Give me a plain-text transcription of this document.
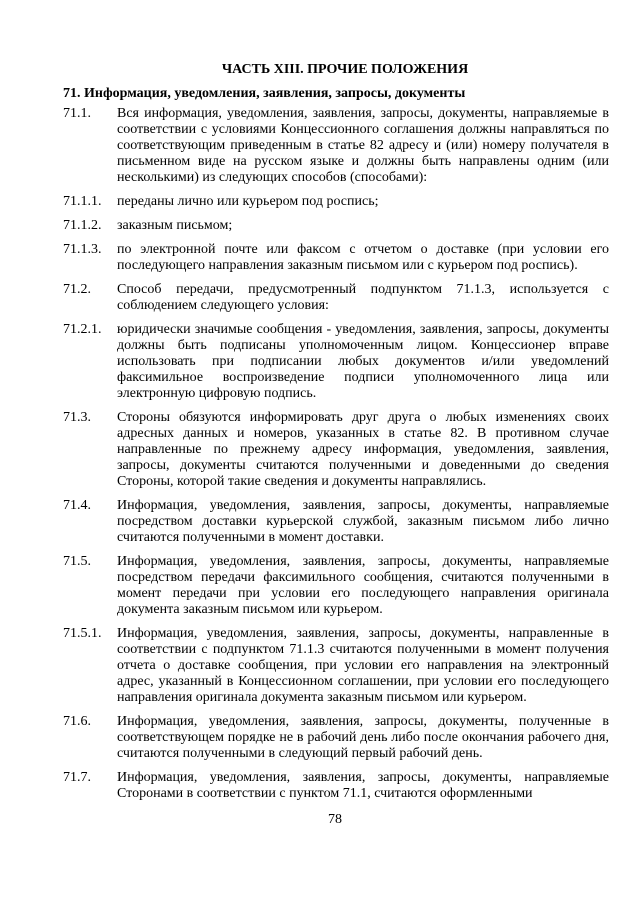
ЧАСТЬ XIII. ПРОЧИЕ ПОЛОЖЕНИЯ
71. Информация, уведомления, заявления, запросы, документы
71.1.	Вся информация, уведомления, заявления, запросы, документы, направляемые в соответствии с условиями Концессионного соглашения должны направляться по соответствующим приведенным в статье 82 адресу и (или) номеру получателя в письменном виде на русском языке и должны быть направлены одним (или несколькими) из следующих способов (способами):
71.1.1.	переданы лично или курьером под роспись;
71.1.2.	заказным письмом;
71.1.3.	по электронной почте или факсом с отчетом о доставке (при условии его последующего направления заказным письмом или с курьером под роспись).
71.2.	Способ передачи, предусмотренный подпунктом 71.1.3, используется с соблюдением следующего условия:
71.2.1.	юридически значимые сообщения - уведомления, заявления, запросы, документы должны быть подписаны уполномоченным лицом. Концессионер вправе использовать при подписании любых документов и/или уведомлений факсимильное воспроизведение подписи уполномоченного лица или электронную цифровую подпись.
71.3.	Стороны обязуются информировать друг друга о любых изменениях своих адресных данных и номеров, указанных в статье 82. В противном случае направленные по прежнему адресу информация, уведомления, заявления, запросы, документы считаются полученными и доведенными до сведения Стороны, которой такие сведения и документы направлялись.
71.4.	Информация, уведомления, заявления, запросы, документы, направляемые посредством доставки курьерской службой, заказным письмом либо лично считаются полученными в момент доставки.
71.5.	Информация, уведомления, заявления, запросы, документы, направляемые посредством передачи факсимильного сообщения, считаются полученными в момент передачи при условии его последующего направления оригинала документа заказным письмом или курьером.
71.5.1.	Информация, уведомления, заявления, запросы, документы, направленные в соответствии с подпунктом 71.1.3 считаются полученными в момент получения отчета о доставке сообщения, при условии его направления на электронный адрес, указанный в Концессионном соглашении, при условии его последующего направления оригинала документа заказным письмом или курьером.
71.6.	Информация, уведомления, заявления, запросы, документы, полученные в соответствующем порядке не в рабочий день либо после окончания рабочего дня, считаются полученными в следующий первый рабочий день.
71.7.	Информация, уведомления, заявления, запросы, документы, направляемые Сторонами в соответствии с пунктом 71.1, считаются оформленными
78
